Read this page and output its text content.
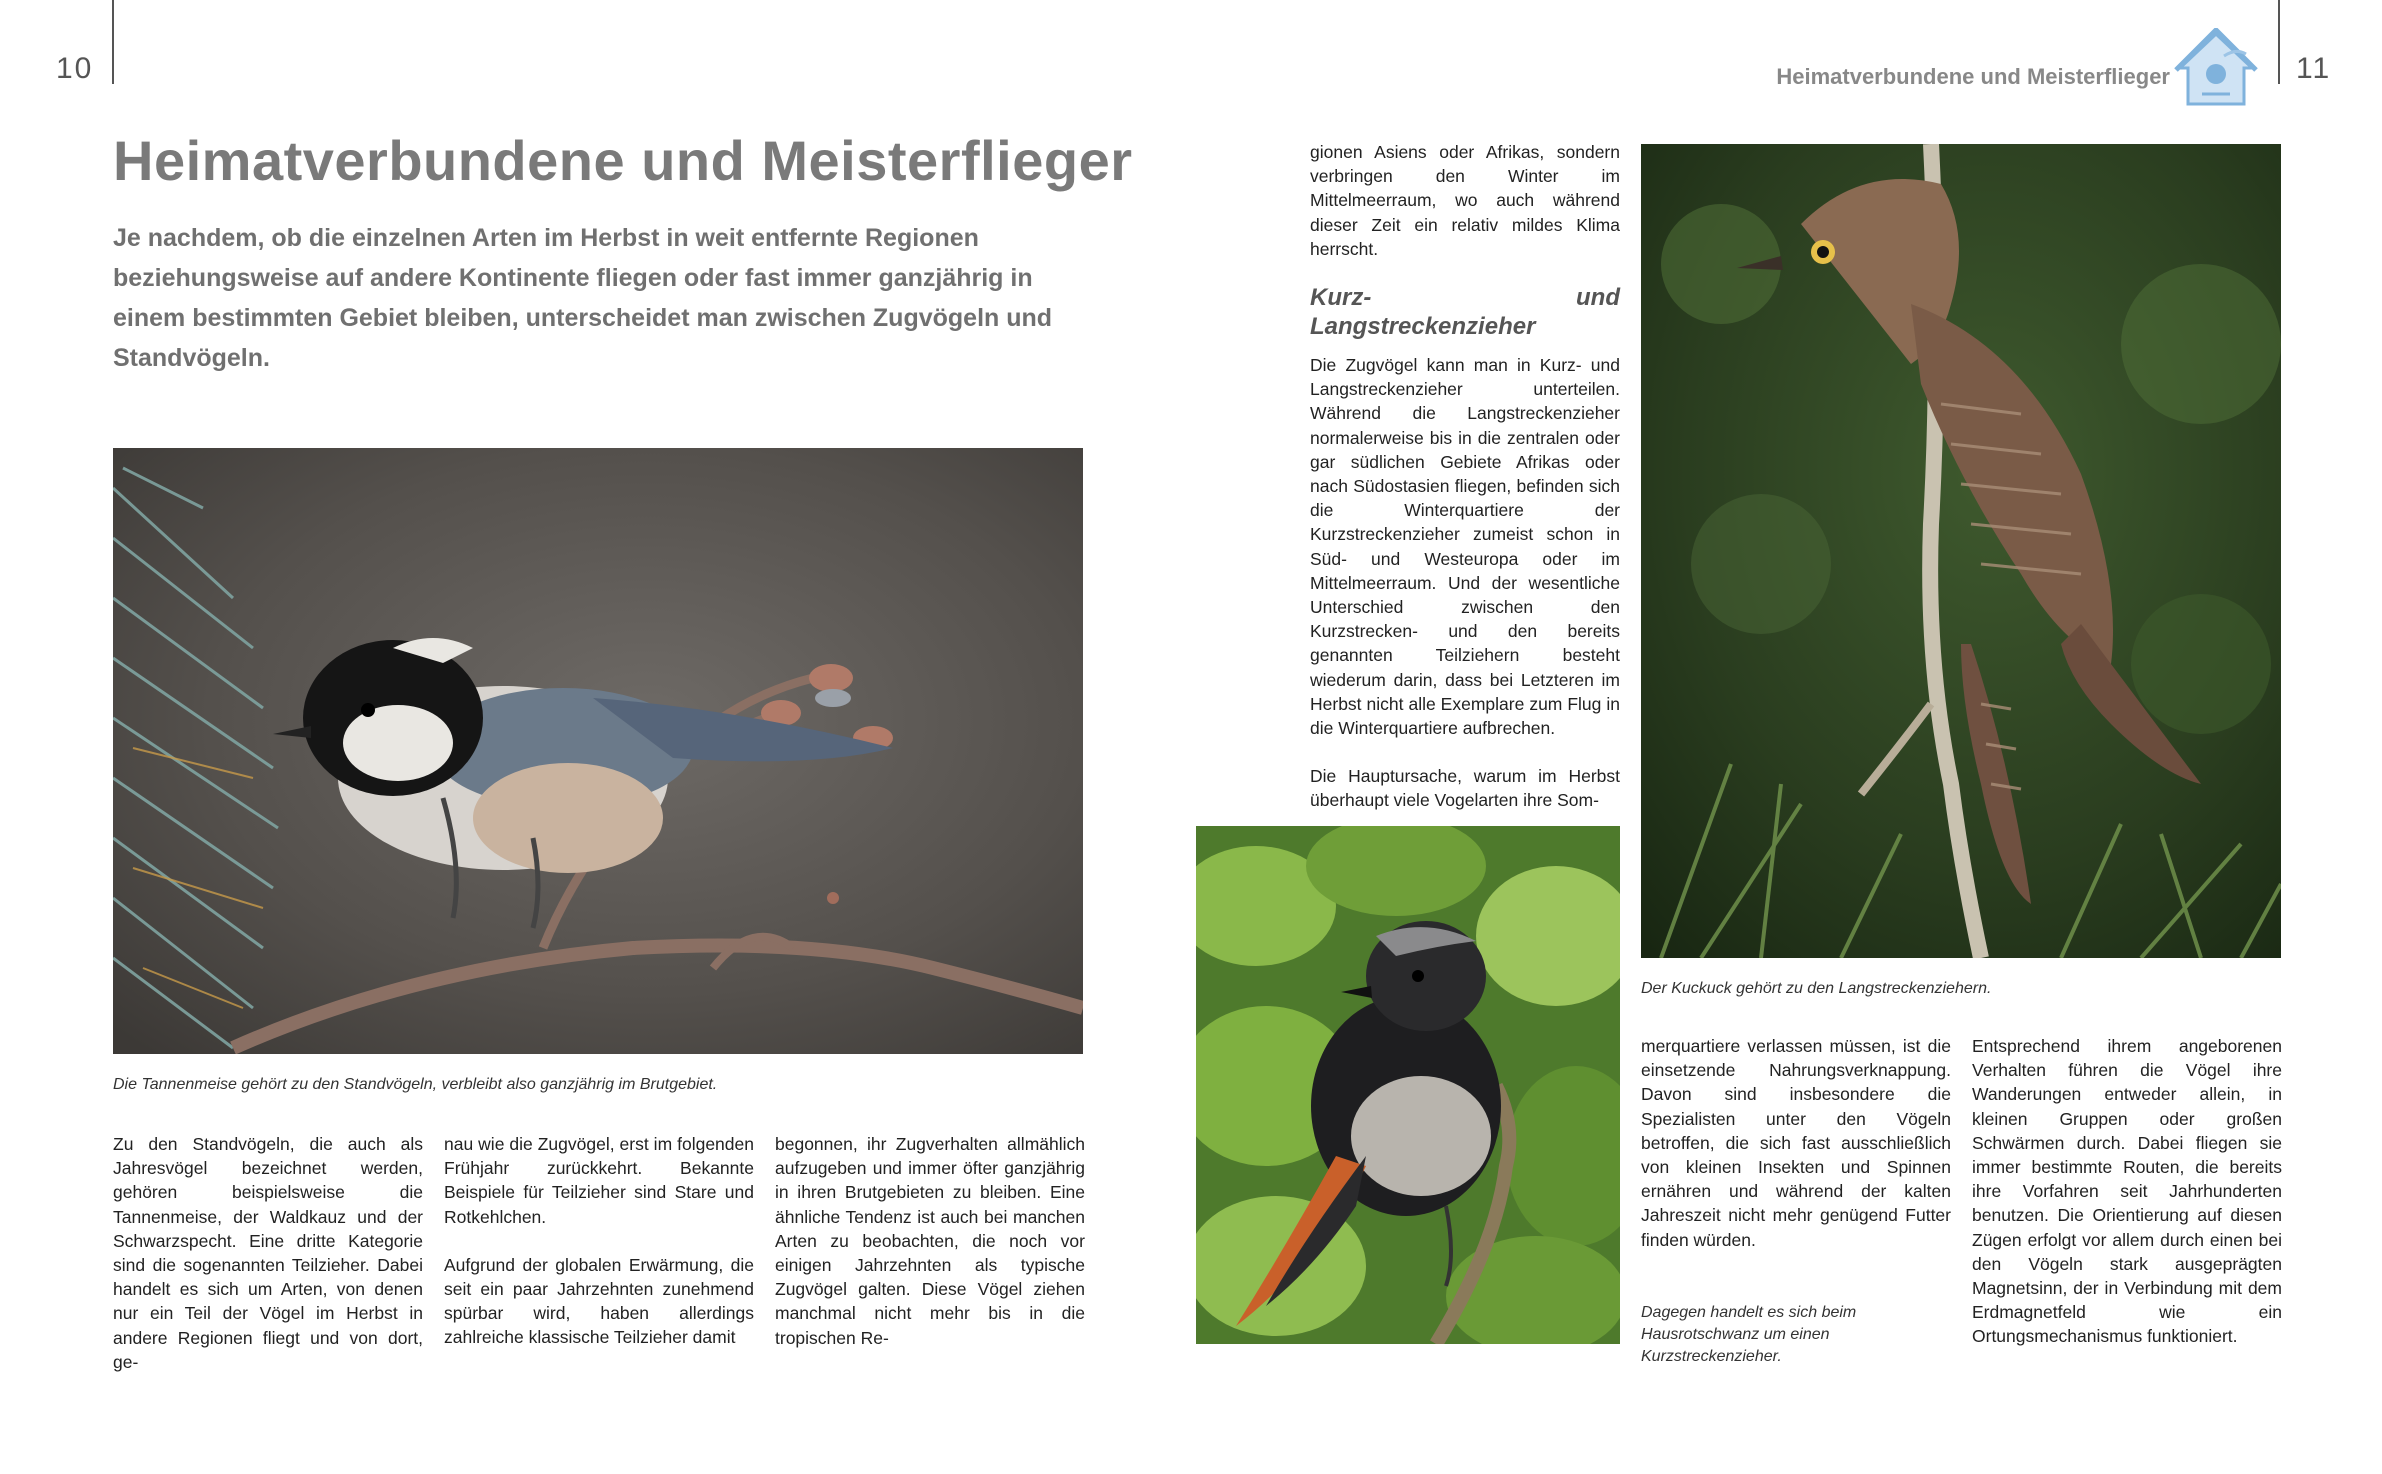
10
Heimatverbundene und Meisterflieger

Je nachdem, ob die einzelnen Arten im Herbst in weit entfernte Regionen beziehungsweise auf andere Kontinente fliegen oder fast immer ganzjährig in einem bestimmten Gebiet bleiben, unterscheidet man zwischen Zugvögeln und Standvögeln.

Die Tannenmeise gehört zu den Standvögeln, verbleibt also ganzjährig im Brutgebiet.

Zu den Standvögeln, die auch als Jahresvögel bezeichnet werden, gehören beispielsweise die Tannenmeise, der Waldkauz und der Schwarzspecht. Eine dritte Kategorie sind die sogenannten Teilzieher. Dabei handelt es sich um Arten, von denen nur ein Teil der Vögel im Herbst in andere Regionen fliegt und von dort, ge-

nau wie die Zugvögel, erst im folgenden Frühjahr zurückkehrt. Bekannte Beispiele für Teilzieher sind Stare und Rotkehlchen.

Aufgrund der globalen Erwärmung, die seit ein paar Jahrzehnten zunehmend spürbar wird, haben allerdings zahlreiche klassische Teilzieher damit

begonnen, ihr Zugverhalten allmählich aufzugeben und immer öfter ganzjährig in ihren Brutgebieten zu bleiben. Eine ähnliche Tendenz ist auch bei manchen Arten zu beobachten, die noch vor einigen Jahrzehnten als typische Zugvögel galten. Diese Vögel ziehen manchmal nicht mehr bis in die tropischen Re-

Heimatverbundene und Meisterflieger	11

gionen Asiens oder Afrikas, sondern verbringen den Winter im Mittelmeerraum, wo auch während dieser Zeit ein relativ mildes Klima herrscht.

Kurz- und Langstreckenzieher

Die Zugvögel kann man in Kurz- und Langstreckenzieher unterteilen. Während die Langstreckenzieher normalerweise bis in die zentralen oder gar südlichen Gebiete Afrikas oder nach Südostasien fliegen, befinden sich die Winterquartiere der Kurzstreckenzieher zumeist schon in Süd- und Westeuropa oder im Mittelmeerraum. Und der wesentliche Unterschied zwischen den Kurzstrecken- und den bereits genannten Teilziehern besteht wiederum darin, dass bei Letzteren im Herbst nicht alle Exemplare zum Flug in die Winterquartiere aufbrechen.

Die Hauptursache, warum im Herbst überhaupt viele Vogelarten ihre Som-

Der Kuckuck gehört zu den Langstreckenziehern.

merquartiere verlassen müssen, ist die einsetzende Nahrungsverknappung. Davon sind insbesondere die Spezialisten unter den Vögeln betroffen, die sich fast ausschließlich von kleinen Insekten und Spinnen ernähren und während der kalten Jahreszeit nicht mehr genügend Futter finden würden.

Dagegen handelt es sich beim Hausrotschwanz um einen Kurzstreckenzieher.

Entsprechend ihrem angeborenen Verhalten führen die Vögel ihre Wanderungen entweder allein, in kleinen Gruppen oder großen Schwärmen durch. Dabei fliegen sie immer bestimmte Routen, die bereits ihre Vorfahren seit Jahrhunderten benutzen. Die Orientierung auf diesen Zügen erfolgt vor allem durch einen bei den Vögeln stark ausgeprägten Magnetsinn, der in Verbindung mit dem Erdmagnetfeld wie ein Ortungsmechanismus funktioniert.
